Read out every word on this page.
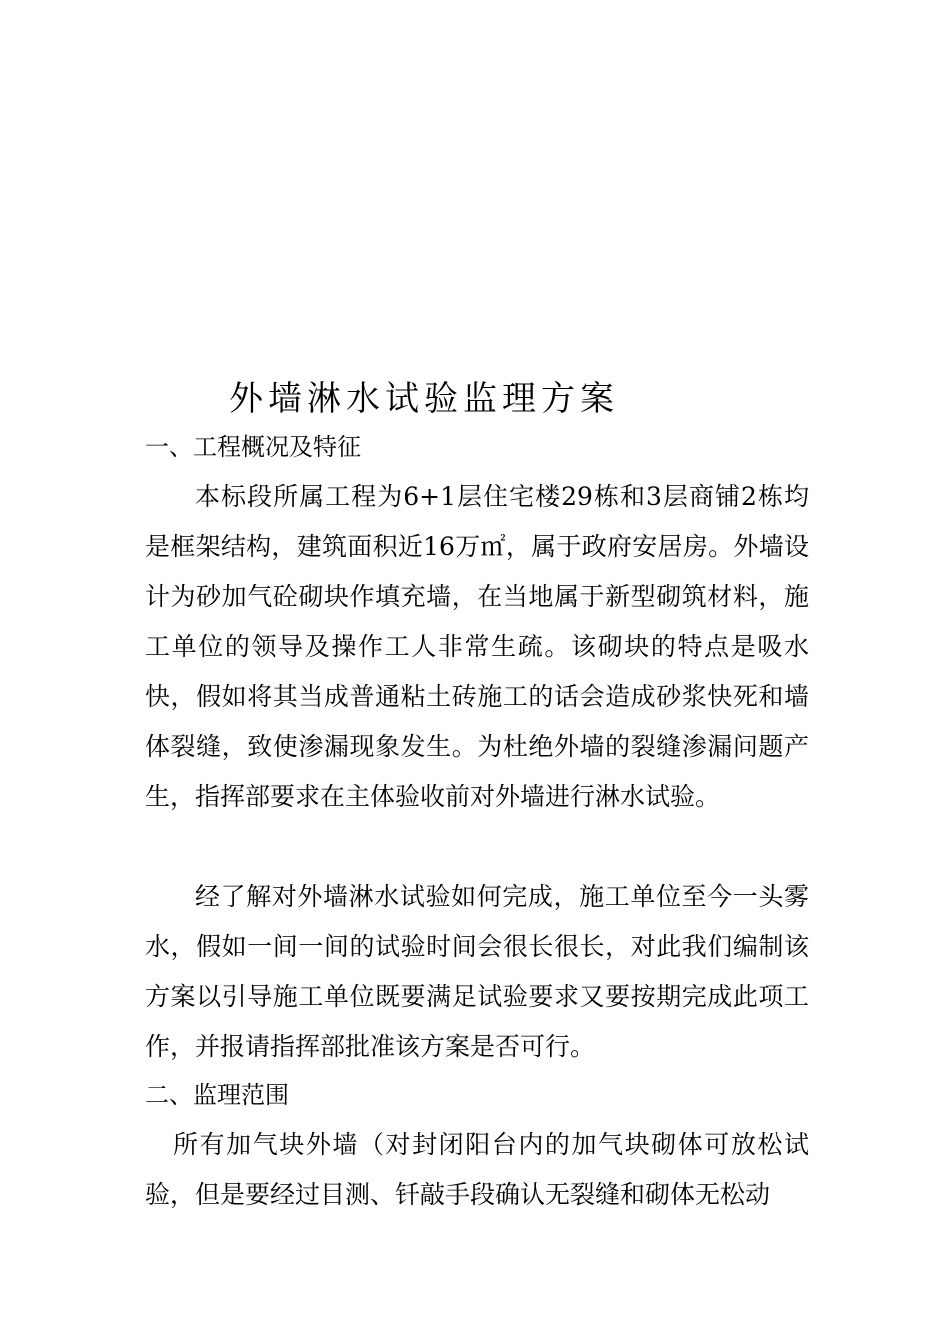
外墙淋水试验监理方案
一、工程概况及特征

本标段所属工程为6+1层住宅楼29栋和3层商铺2栋均是框架结构，建筑面积近16万㎡，属于政府安居房。外墙设计为砂加气砼砌块作填充墙，在当地属于新型砌筑材料，施工单位的领导及操作工人非常生疏。该砌块的特点是吸水快，假如将其当成普通粘土砖施工的话会造成砂浆快死和墙体裂缝，致使渗漏现象发生。为杜绝外墙的裂缝渗漏问题产生，指挥部要求在主体验收前对外墙进行淋水试验。

经了解对外墙淋水试验如何完成，施工单位至今一头雾水，假如一间一间的试验时间会很长很长，对此我们编制该方案以引导施工单位既要满足试验要求又要按期完成此项工作，并报请指挥部批准该方案是否可行。

二、监理范围

所有加气块外墙（对封闭阳台内的加气块砌体可放松试验，但是要经过目测、钎敲手段确认无裂缝和砌体无松动
